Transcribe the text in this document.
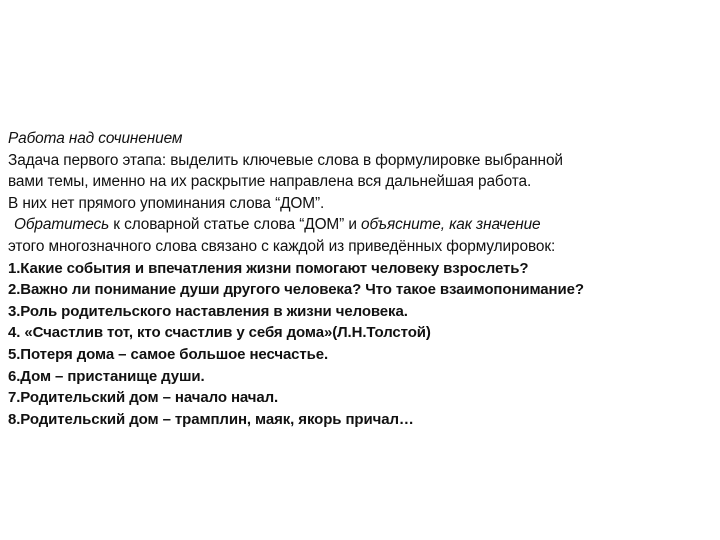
Работа над сочинением
Задача первого этапа: выделить ключевые слова в формулировке выбранной
вами темы, именно на их раскрытие направлена вся дальнейшая работа.
В них нет прямого упоминания слова “ДОМ”.
Обратитесь к словарной статье слова “ДОМ” и объясните, как значение
этого многозначного слова связано с каждой из приведённых формулировок:
1.Какие события и впечатления жизни помогают человеку взрослеть?
2.Важно ли понимание души другого человека? Что такое взаимопонимание?
3.Роль родительского наставления в жизни человека.
4. «Счастлив тот, кто счастлив у себя дома»(Л.Н.Толстой)
5.Потеря дома – самое большое несчастье.
6.Дом – пристанище души.
7.Родительский дом – начало начал.
8.Родительский дом – трамплин, маяк, якорь причал…
